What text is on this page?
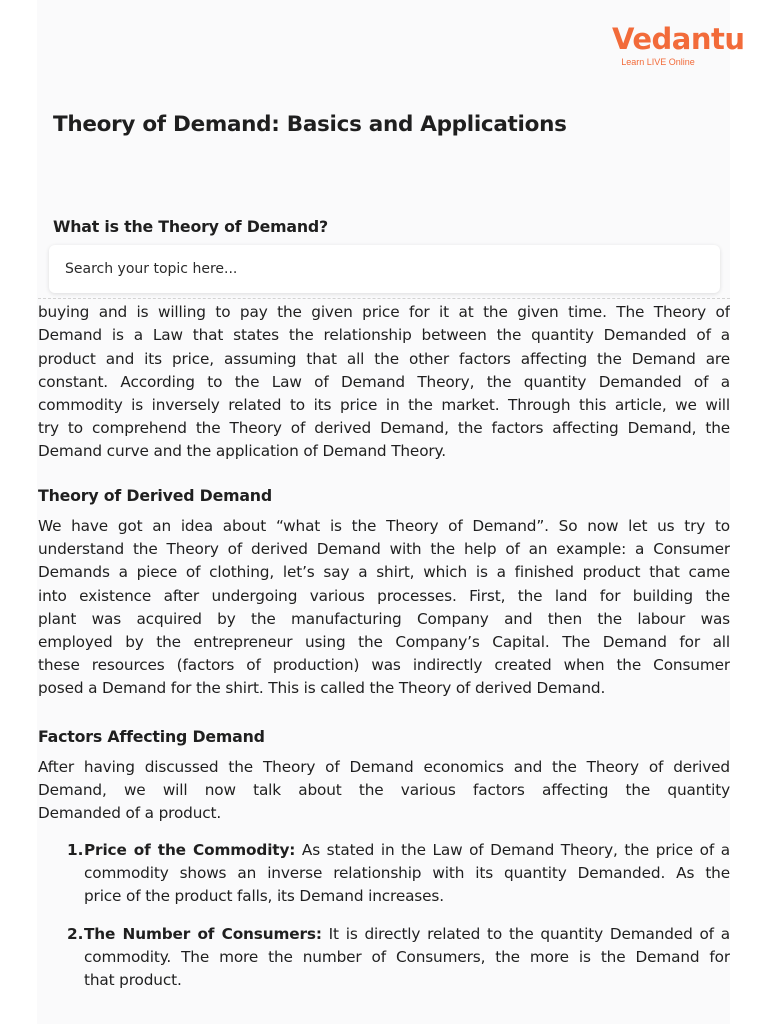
Vedantu
Learn LIVE Online
Theory of Demand: Basics and Applications
What is the Theory of Demand?
buying and is willing to pay the given price for it at the given time. The Theory of
Demand is a Law that states the relationship between the quantity Demanded of a
product and its price, assuming that all the other factors affecting the Demand are
constant. According to the Law of Demand Theory, the quantity Demanded of a
commodity is inversely related to its price in the market. Through this article, we will
try to comprehend the Theory of derived Demand, the factors affecting Demand, the
Demand curve and the application of Demand Theory.
Search your topic here...
Theory of Derived Demand
We have got an idea about “what is the Theory of Demand”. So now let us try to
understand the Theory of derived Demand with the help of an example: a Consumer
Demands a piece of clothing, let’s say a shirt, which is a finished product that came
into existence after undergoing various processes. First, the land for building the
plant was acquired by the manufacturing Company and then the labour was
employed by the entrepreneur using the Company’s Capital. The Demand for all
these resources (factors of production) was indirectly created when the Consumer
posed a Demand for the shirt. This is called the Theory of derived Demand.
Factors Affecting Demand
After having discussed the Theory of Demand economics and the Theory of derived
Demand, we will now talk about the various factors affecting the quantity
Demanded of a product.
1. Price of the Commodity: As stated in the Law of Demand Theory, the price of a
commodity shows an inverse relationship with its quantity Demanded. As the
price of the product falls, its Demand increases.
2. The Number of Consumers: It is directly related to the quantity Demanded of a
commodity. The more the number of Consumers, the more is the Demand for
that product.
